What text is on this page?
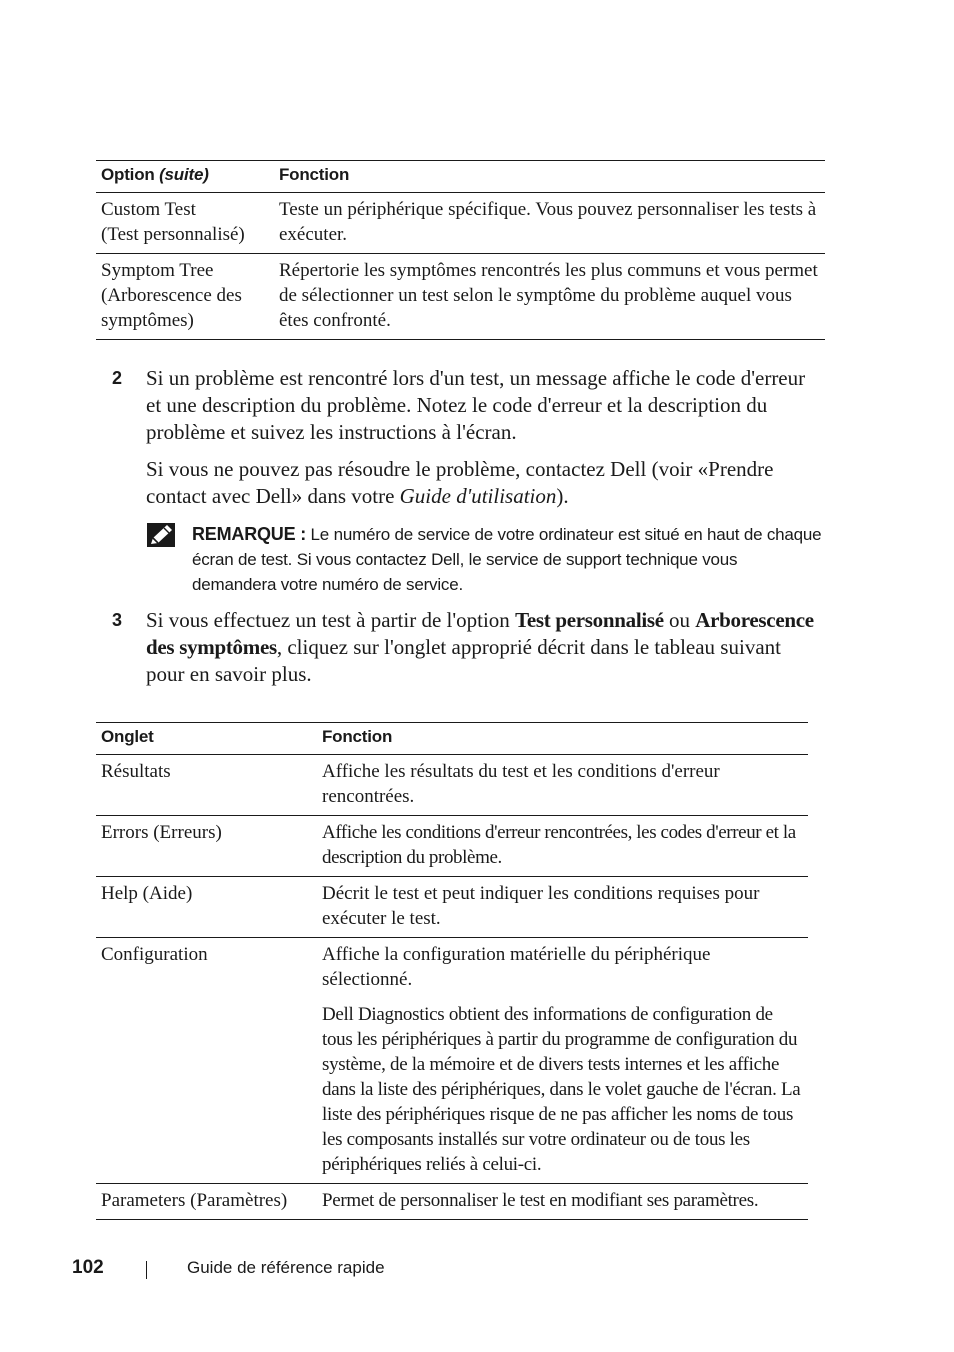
Option (suite)	Fonction

Custom Test
(Test personnalisé)	Teste un périphérique spécifique. Vous pouvez personnaliser les tests à exécuter.

Symptom Tree
(Arborescence des
symptômes)	Répertorie les symptômes rencontrés les plus communs et vous permet de sélectionner un test selon le symptôme du problème auquel vous êtes confronté.
2 Si un problème est rencontré lors d'un test, un message affiche le code d'erreur et une description du problème. Notez le code d'erreur et la description du problème et suivez les instructions à l'écran.

Si vous ne pouvez pas résoudre le problème, contactez Dell (voir «Prendre contact avec Dell» dans votre Guide d'utilisation).

REMARQUE : Le numéro de service de votre ordinateur est situé en haut de chaque écran de test. Si vous contactez Dell, le service de support technique vous demandera votre numéro de service.
3 Si vous effectuez un test à partir de l'option Test personnalisé ou Arborescence des symptômes, cliquez sur l'onglet approprié décrit dans le tableau suivant pour en savoir plus.

Onglet	Fonction
Résultats	Affiche les résultats du test et les conditions d'erreur rencontrées.

Errors (Erreurs)	Affiche les conditions d'erreur rencontrées, les codes d'erreur et la description du problème.

Help (Aide)	Décrit le test et peut indiquer les conditions requises pour exécuter le test.

Configuration	Affiche la configuration matérielle du périphérique sélectionné.

Dell Diagnostics obtient des informations de configuration de tous les périphériques à partir du programme de configuration du système, de la mémoire et de divers tests internes et les affiche dans la liste des périphériques, dans le volet gauche de l'écran. La liste des périphériques risque de ne pas afficher les noms de tous les composants installés sur votre ordinateur ou de tous les périphériques reliés à celui-ci.

Parameters (Paramètres)	Permet de personnaliser le test en modifiant ses paramètres.

102	Guide de référence rapide
